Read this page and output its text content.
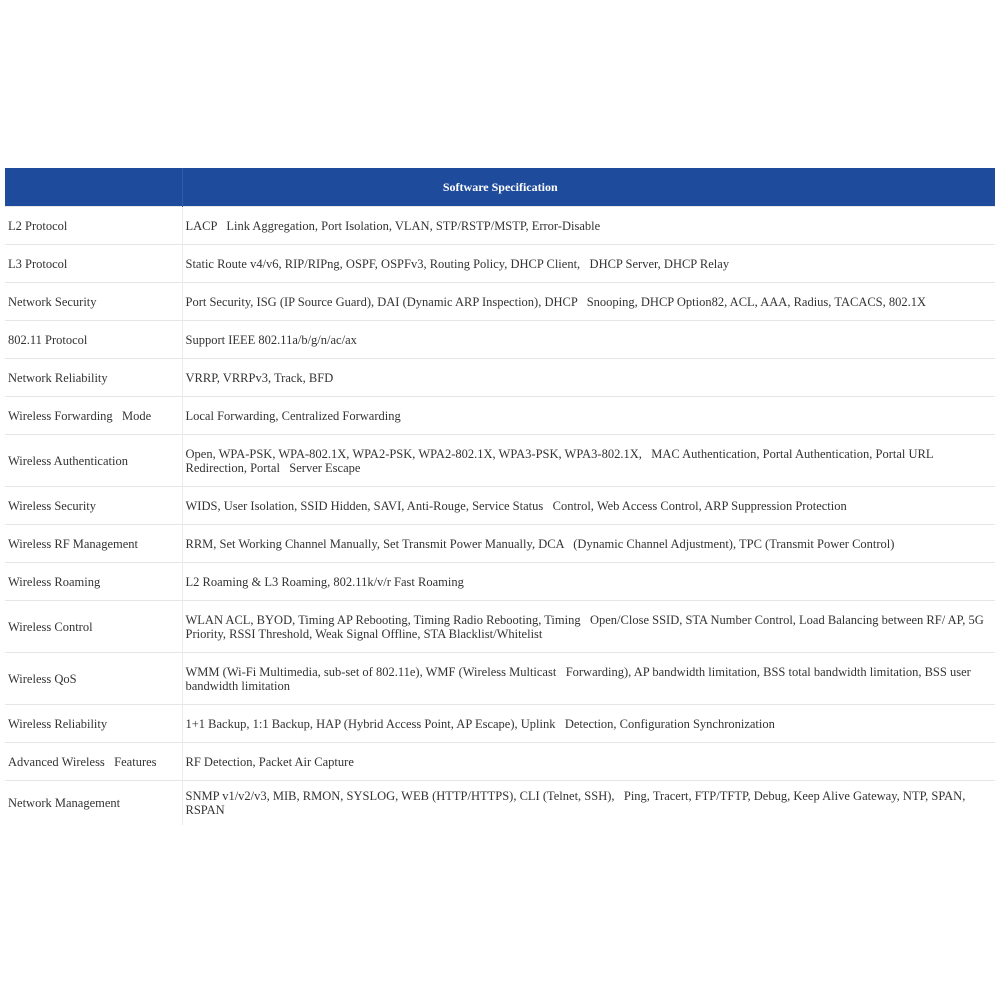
	Software Specification
L2 Protocol	LACP   Link Aggregation, Port Isolation, VLAN, STP/RSTP/MSTP, Error-Disable
L3 Protocol	Static Route v4/v6, RIP/RIPng, OSPF, OSPFv3, Routing Policy, DHCP Client,   DHCP Server, DHCP Relay
Network Security	Port Security, ISG (IP Source Guard), DAI (Dynamic ARP Inspection), DHCP   Snooping, DHCP Option82, ACL, AAA, Radius, TACACS, 802.1X
802.11 Protocol	Support IEEE 802.11a/b/g/n/ac/ax
Network Reliability	VRRP, VRRPv3, Track, BFD
Wireless Forwarding   Mode	Local Forwarding, Centralized Forwarding
Wireless Authentication	Open, WPA-PSK, WPA-802.1X, WPA2-PSK, WPA2-802.1X, WPA3-PSK, WPA3-802.1X,   MAC Authentication, Portal Authentication, Portal URL Redirection, Portal   Server Escape
Wireless Security	WIDS, User Isolation, SSID Hidden, SAVI, Anti-Rouge, Service Status   Control, Web Access Control, ARP Suppression Protection
Wireless RF Management	RRM, Set Working Channel Manually, Set Transmit Power Manually, DCA   (Dynamic Channel Adjustment), TPC (Transmit Power Control)
Wireless Roaming	L2 Roaming & L3 Roaming, 802.11k/v/r Fast Roaming
Wireless Control	WLAN ACL, BYOD, Timing AP Rebooting, Timing Radio Rebooting, Timing   Open/Close SSID, STA Number Control, Load Balancing between RF/ AP, 5G   Priority, RSSI Threshold, Weak Signal Offline, STA Blacklist/Whitelist
Wireless QoS	WMM (Wi-Fi Multimedia, sub-set of 802.11e), WMF (Wireless Multicast   Forwarding), AP bandwidth limitation, BSS total bandwidth limitation, BSS user bandwidth limitation
Wireless Reliability	1+1 Backup, 1:1 Backup, HAP (Hybrid Access Point, AP Escape), Uplink   Detection, Configuration Synchronization
Advanced Wireless   Features	RF Detection, Packet Air Capture
Network Management	SNMP v1/v2/v3, MIB, RMON, SYSLOG, WEB (HTTP/HTTPS), CLI (Telnet, SSH),   Ping, Tracert, FTP/TFTP, Debug, Keep Alive Gateway, NTP, SPAN, RSPAN
